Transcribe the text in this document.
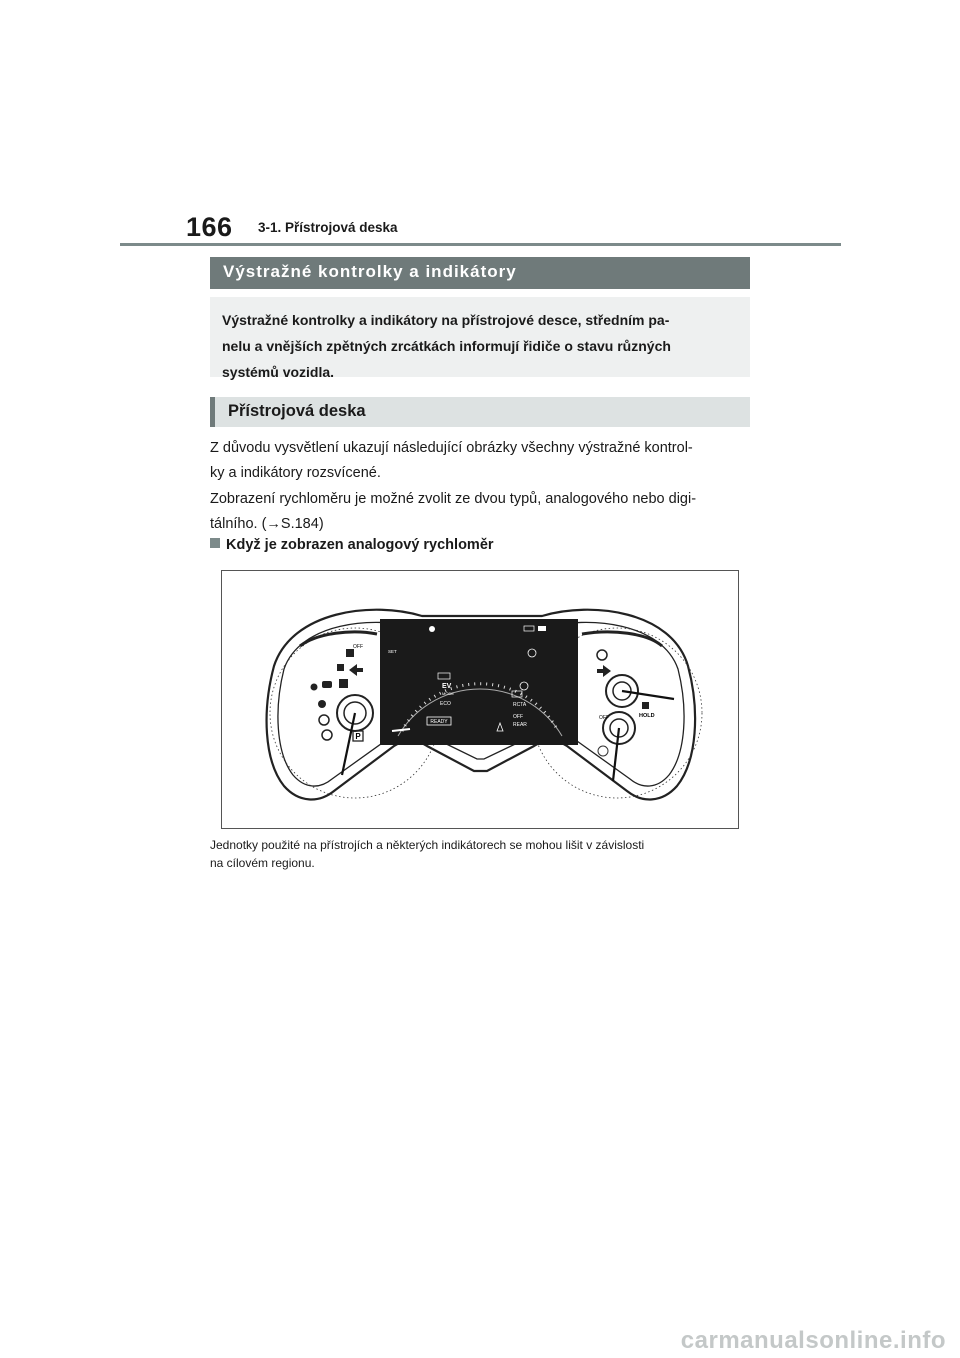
166 3-1. Přístrojová deska
Výstražné kontrolky a indikátory
Výstražné kontrolky a indikátory na přístrojové desce, středním pa-
nelu a vnějších zpětných zrcátkách informují řidiče o stavu různých
systémů vozidla.
Přístrojová deska
Z důvodu vysvětlení ukazují následující obrázky všechny výstražné kontrol-
ky a indikátory rozsvícené.
Zobrazení rychloměru je možné zvolit ze dvou typů, analogového nebo digi-
tálního. (→S.184)
Když je zobrazen analogový rychloměr
P
OFF
HOLD
OFF
EV
MODE
ECO
READY
SET
RCTA
OFF
REAR
Jednotky použité na přístrojích a některých indikátorech se mohou lišit v závislosti
na cílovém regionu.
carmanualsonline.info
